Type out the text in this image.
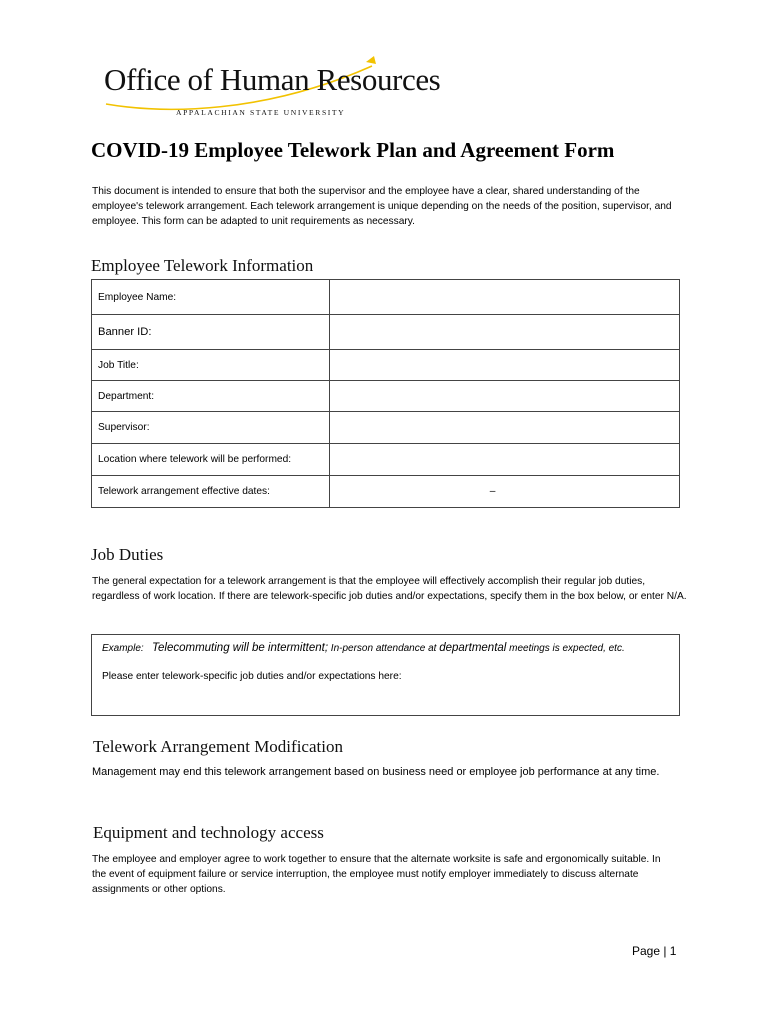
Office of Human Resources
APPALACHIAN STATE UNIVERSITY
COVID-19 Employee Telework Plan and Agreement Form
This document is intended to ensure that both the supervisor and the employee have a clear, shared understanding of the employee's telework arrangement. Each telework arrangement is unique depending on the needs of the position, supervisor, and employee. This form can be adapted to unit requirements as necessary.
Employee Telework Information
Employee Name:	
Banner ID:	
Job Title:	
Department:	
Supervisor:	
Location where telework will be performed:	
Telework arrangement effective dates:	–
Job Duties
The general expectation for a telework arrangement is that the employee will effectively accomplish their regular job duties, regardless of work location. If there are telework-specific job duties and/or expectations, specify them in the box below, or enter N/A.
Example: Telecommuting will be intermittent; In-person attendance at departmental meetings is expected, etc.
Please enter telework-specific job duties and/or expectations here:
Telework Arrangement Modification
Management may end this telework arrangement based on business need or employee job performance at any time.
Equipment and technology access
The employee and employer agree to work together to ensure that the alternate worksite is safe and ergonomically suitable. In the event of equipment failure or service interruption, the employee must notify employer immediately to discuss alternate assignments or other options.
Page | 1
